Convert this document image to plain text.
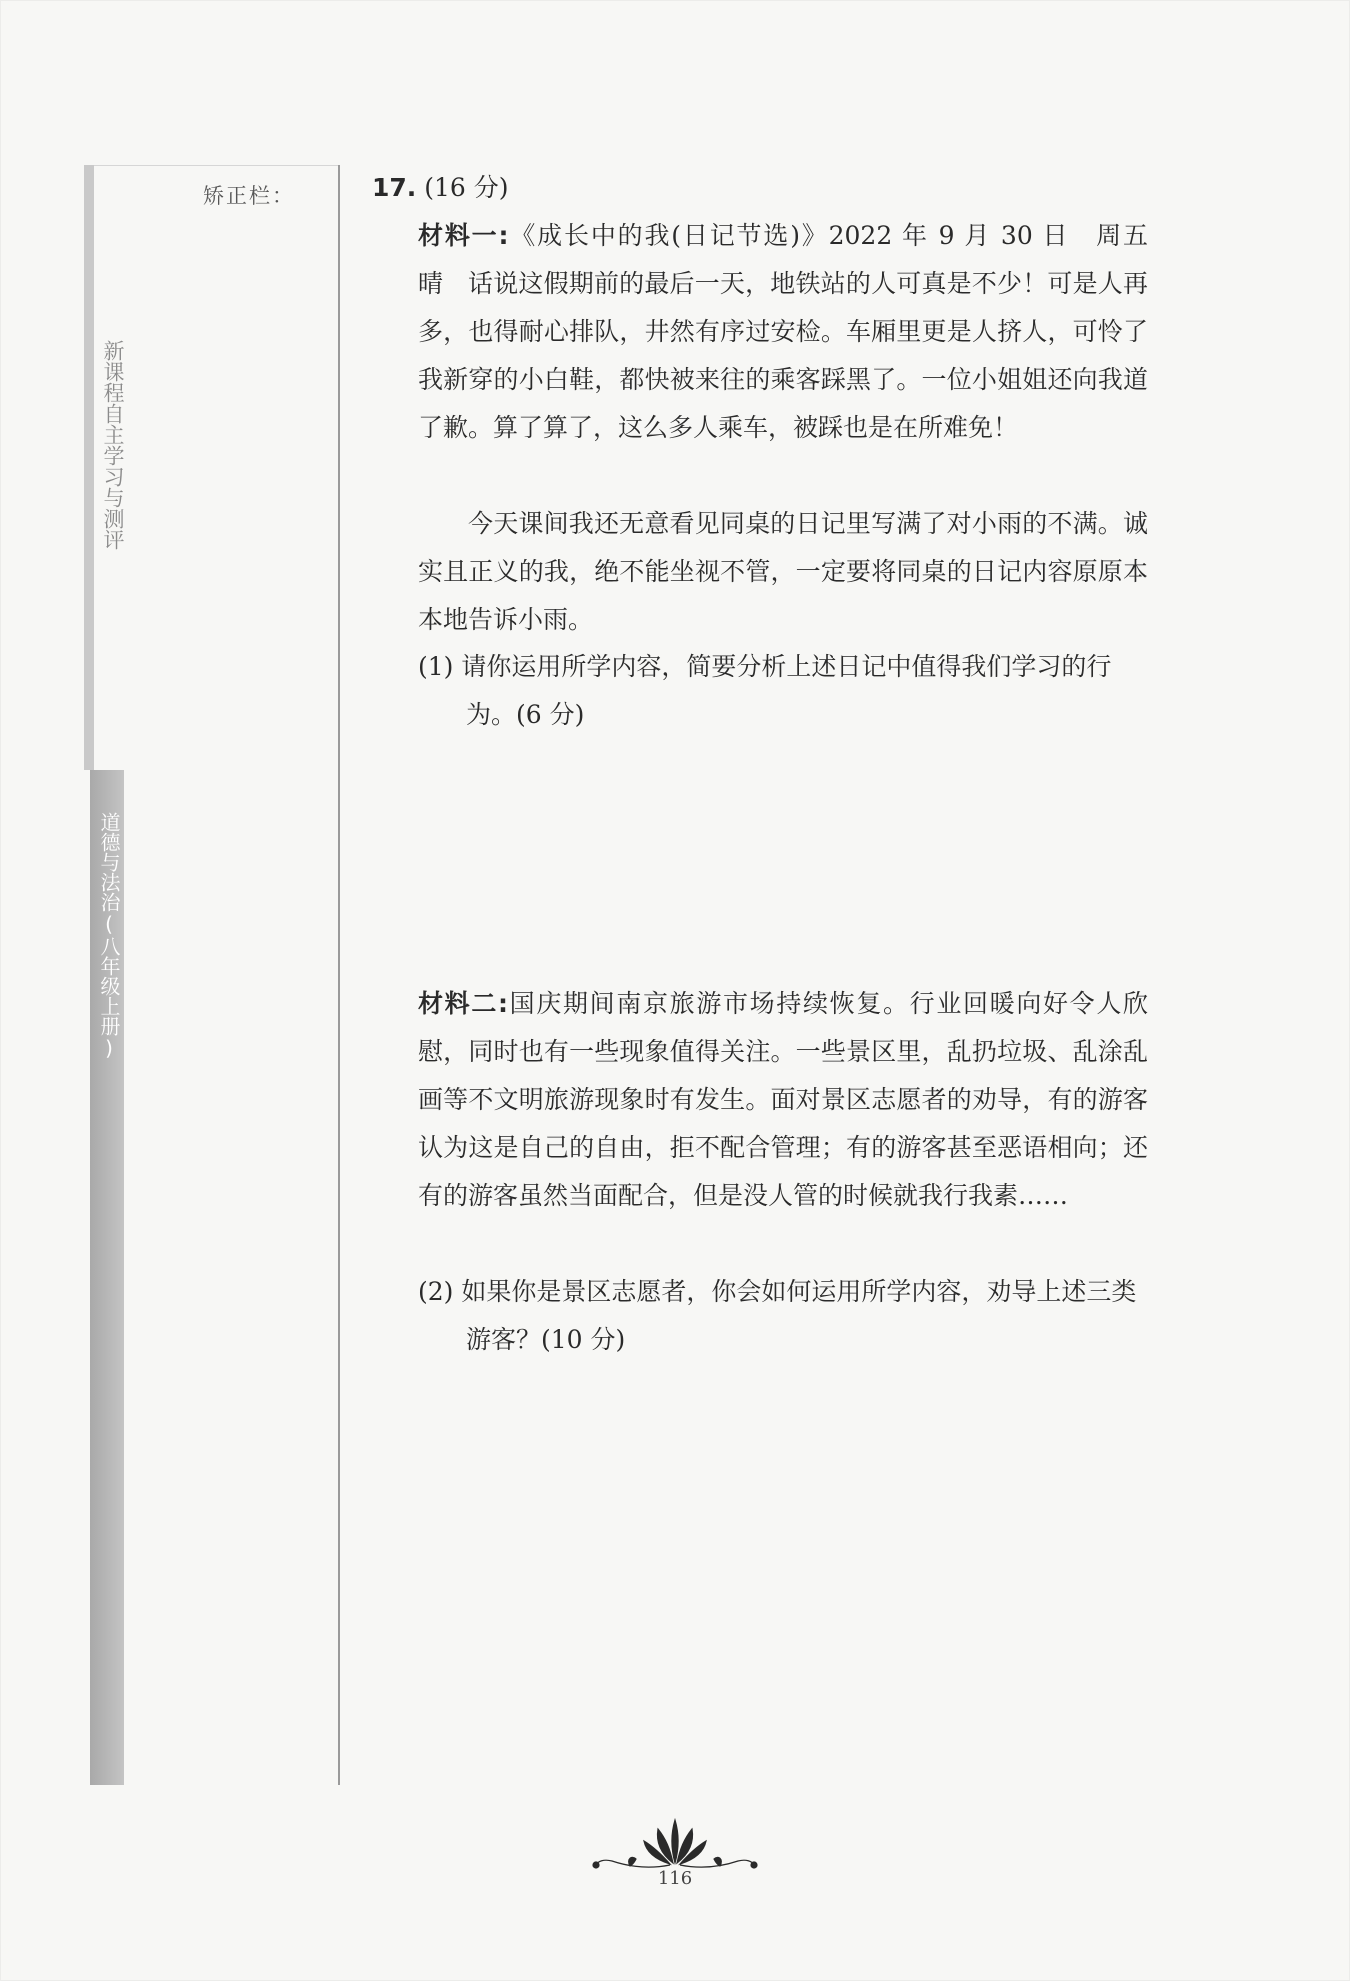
新课程自主学习与测评
道德与法治(八年级上册)
矫正栏：	17. (16 分)
材料一:《成长中的我(日记节选)》2022 年 9 月 30 日　周五　晴 话说这假期前的最后一天，地铁站的人可真是不少！可是人再多，也得耐心排队，井然有序过安检。车厢里更是人挤人，可怜了我新穿的小白鞋，都快被来往的乘客踩黑了。一位小姐姐还向我道了歉。算了算了，这么多人乘车，被踩也是在所难免！
今天课间我还无意看见同桌的日记里写满了对小雨的不满。诚实且正义的我，绝不能坐视不管，一定要将同桌的日记内容原原本本地告诉小雨。
(1) 请你运用所学内容，简要分析上述日记中值得我们学习的行为。(6 分)
材料二:国庆期间南京旅游市场持续恢复。行业回暖向好令人欣慰，同时也有一些现象值得关注。一些景区里，乱扔垃圾、乱涂乱画等不文明旅游现象时有发生。面对景区志愿者的劝导，有的游客认为这是自己的自由，拒不配合管理；有的游客甚至恶语相向；还有的游客虽然当面配合，但是没人管的时候就我行我素……
(2) 如果你是景区志愿者，你会如何运用所学内容，劝导上述三类游客？(10 分)
116
